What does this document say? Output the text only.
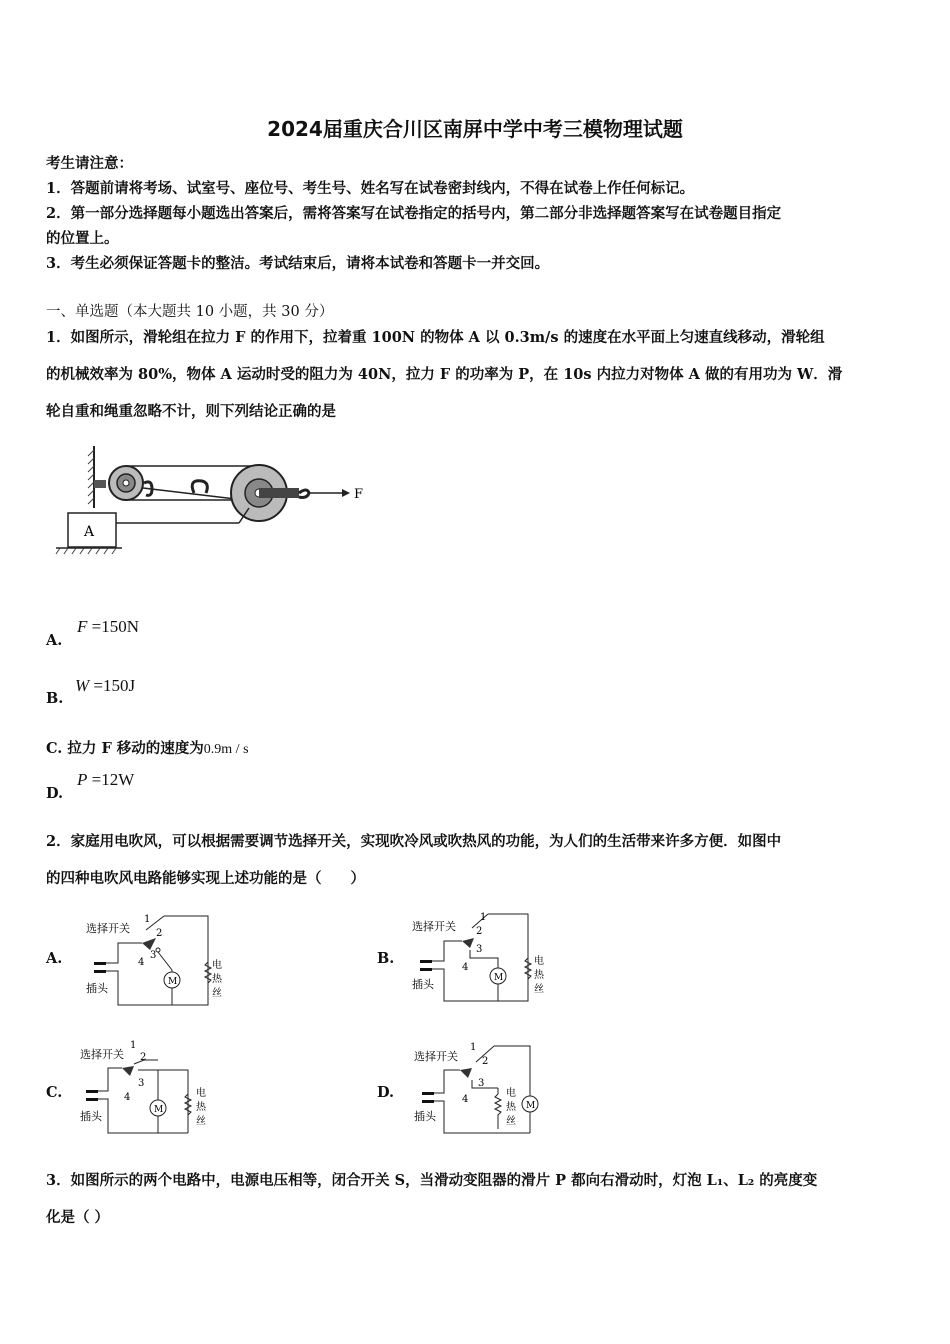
2024届重庆合川区南屏中学中考三模物理试题
考生请注意：
1．答题前请将考场、试室号、座位号、考生号、姓名写在试卷密封线内，不得在试卷上作任何标记。
2．第一部分选择题每小题选出答案后，需将答案写在试卷指定的括号内，第二部分非选择题答案写在试卷题目指定
的位置上。
3．考生必须保证答题卡的整洁。考试结束后，请将本试卷和答题卡一并交回。
一、单选题（本大题共 10 小题，共 30 分）
1．如图所示，滑轮组在拉力 F 的作用下，拉着重 100N 的物体 A 以 0.3m/s 的速度在水平面上匀速直线移动，滑轮组
的机械效率为 80%，物体 A 运动时受的阻力为 40N，拉力 F 的功率为 P，在 10s 内拉力对物体 A 做的有用功为 W．滑
轮自重和绳重忽略不计，则下列结论正确的是
F
A
A.
F =150N
B.
W =150J
C. 拉力 F 移动的速度为0.9m / s
D.
P =12W
2．家庭用电吹风，可以根据需要调节选择开关，实现吹冷风或吹热风的功能，为人们的生活带来许多方便．如图中
的四种电吹风电路能够实现上述功能的是（　　）
A.
选择开关
插头	M
1
2
3
4	电
热
丝
B.
选择开关
插头	M
1
2
3
4
电
热
丝
C.
选择开关
插头	M
1
2
3
4	电
热
丝
D.
选择开关
插头
M
1
2
3
4
电
热
丝
3．如图所示的两个电路中，电源电压相等，闭合开关 S，当滑动变阻器的滑片 P 都向右滑动时，灯泡 L₁、L₂ 的亮度变
化是（ ）
